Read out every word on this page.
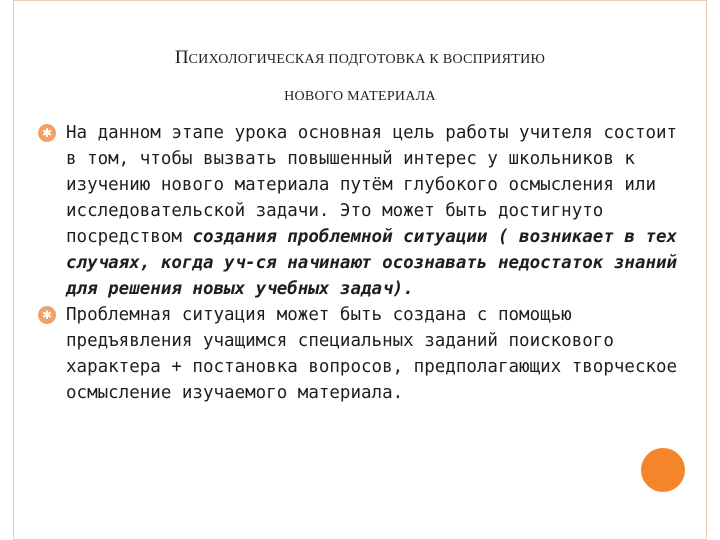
ПСИХОЛОГИЧЕСКАЯ ПОДГОТОВКА К ВОСПРИЯТИЮ
НОВОГО МАТЕРИАЛА

✱ На данном этапе урока основная цель работы учителя состоит в том, чтобы вызвать повышенный интерес у школьников к изучению нового материала путём глубокого осмысления или исследовательской задачи. Это может быть достигнуто посредством создания проблемной ситуации ( возникает в тех случаях, когда уч-ся начинают осознавать недостаток знаний для решения новых учебных задач).

✱ Проблемная ситуация может быть создана с помощью предъявления учащимся специальных заданий поискового характера + постановка вопросов, предполагающих творческое осмысление изучаемого материала.
